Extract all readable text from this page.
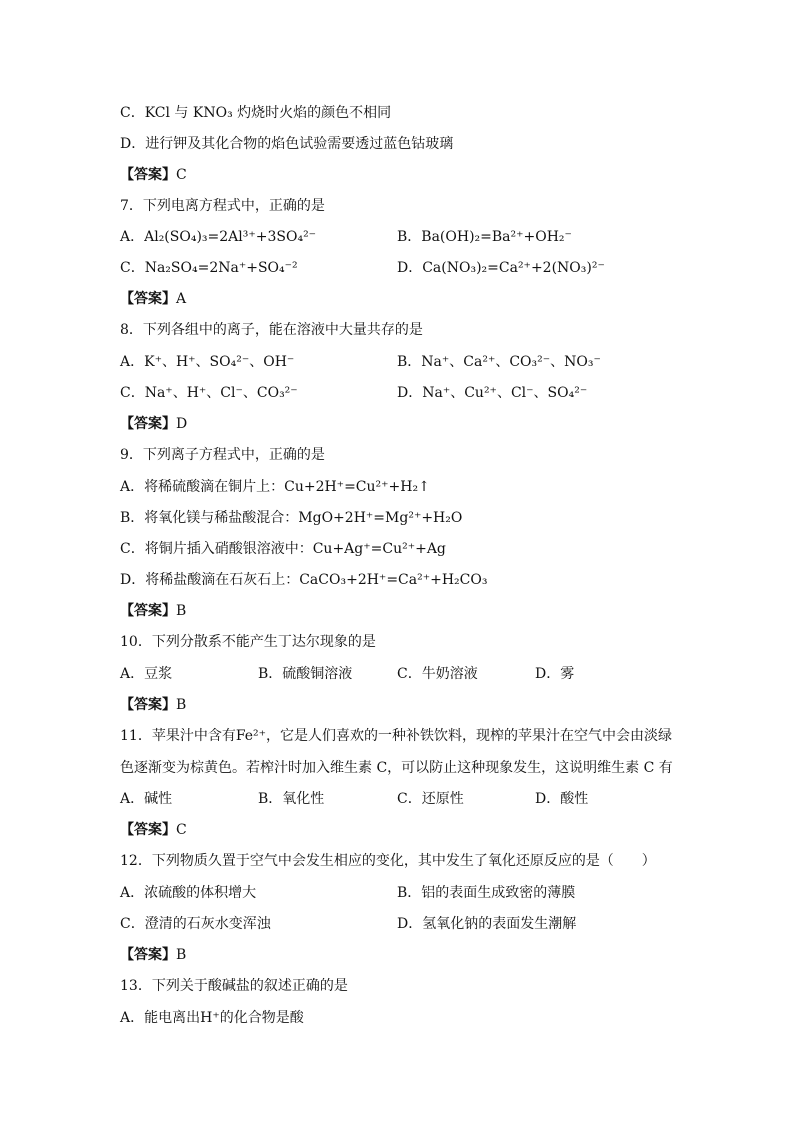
C．KCl 与 KNO₃ 灼烧时火焰的颜色不相同
D．进行钾及其化合物的焰色试验需要透过蓝色钴玻璃
【答案】C
7．下列电离方程式中，正确的是
A．Al₂(SO₄)₃=2Al³⁺+3SO₄²⁻	B．Ba(OH)₂=Ba²⁺+OH₂⁻
C．Na₂SO₄=2Na⁺+SO₄⁻²	D．Ca(NO₃)₂=Ca²⁺+2(NO₃)²⁻
【答案】A
8．下列各组中的离子，能在溶液中大量共存的是
A．K⁺、H⁺、SO₄²⁻、OH⁻	B．Na⁺、Ca²⁺、CO₃²⁻、NO₃⁻
C．Na⁺、H⁺、Cl⁻、CO₃²⁻	D．Na⁺、Cu²⁺、Cl⁻、SO₄²⁻
【答案】D
9．下列离子方程式中，正确的是
A．将稀硫酸滴在铜片上：Cu+2H⁺=Cu²⁺+H₂↑
B．将氧化镁与稀盐酸混合：MgO+2H⁺=Mg²⁺+H₂O
C．将铜片插入硝酸银溶液中：Cu+Ag⁺=Cu²⁺+Ag
D．将稀盐酸滴在石灰石上：CaCO₃+2H⁺=Ca²⁺+H₂CO₃
【答案】B
10．下列分散系不能产生丁达尔现象的是
A．豆浆	B．硫酸铜溶液	C．牛奶溶液	D．雾
【答案】B
11．苹果汁中含有Fe²⁺，它是人们喜欢的一种补铁饮料，现榨的苹果汁在空气中会由淡绿
色逐渐变为棕黄色。若榨汁时加入维生素 C，可以防止这种现象发生，这说明维生素 C 有
A．碱性	B．氧化性	C．还原性	D．酸性
【答案】C
12．下列物质久置于空气中会发生相应的变化，其中发生了氧化还原反应的是（　　）
A．浓硫酸的体积增大	B．铝的表面生成致密的薄膜
C．澄清的石灰水变浑浊	D．氢氧化钠的表面发生潮解
【答案】B
13．下列关于酸碱盐的叙述正确的是
A．能电离出H⁺的化合物是酸
